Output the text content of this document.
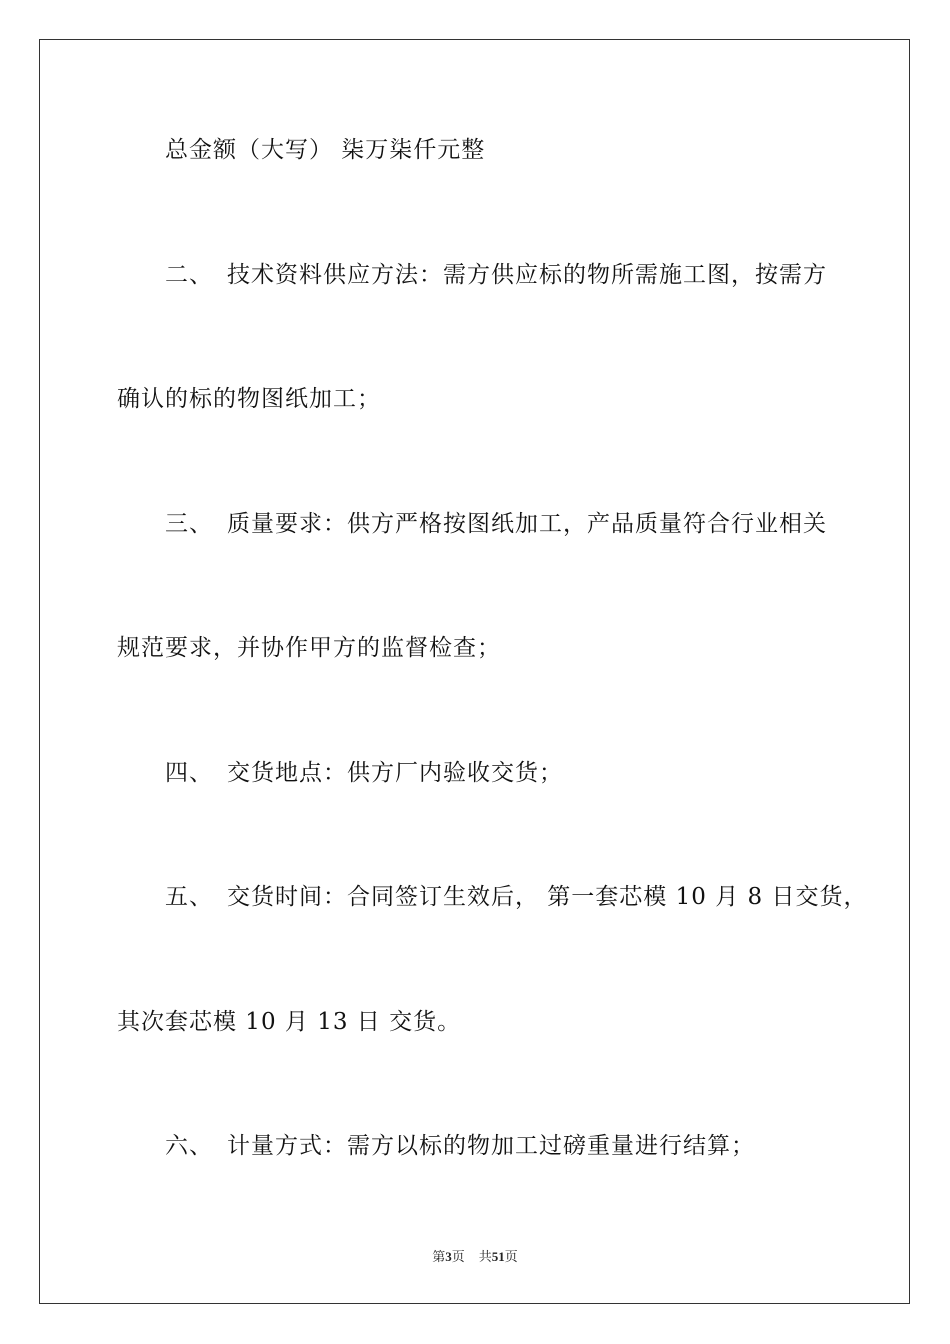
总金额（大写） 柒万柒仟元整
二、 技术资料供应方法：需方供应标的物所需施工图，按需方
确认的标的物图纸加工；
三、 质量要求：供方严格按图纸加工，产品质量符合行业相关
规范要求，并协作甲方的监督检查；
四、 交货地点：供方厂内验收交货；
五、 交货时间：合同签订生效后， 第一套芯模 10 月 8 日交货，
其次套芯模 10 月 13 日 交货。
六、 计量方式：需方以标的物加工过磅重量进行结算；
第3页 共51页
